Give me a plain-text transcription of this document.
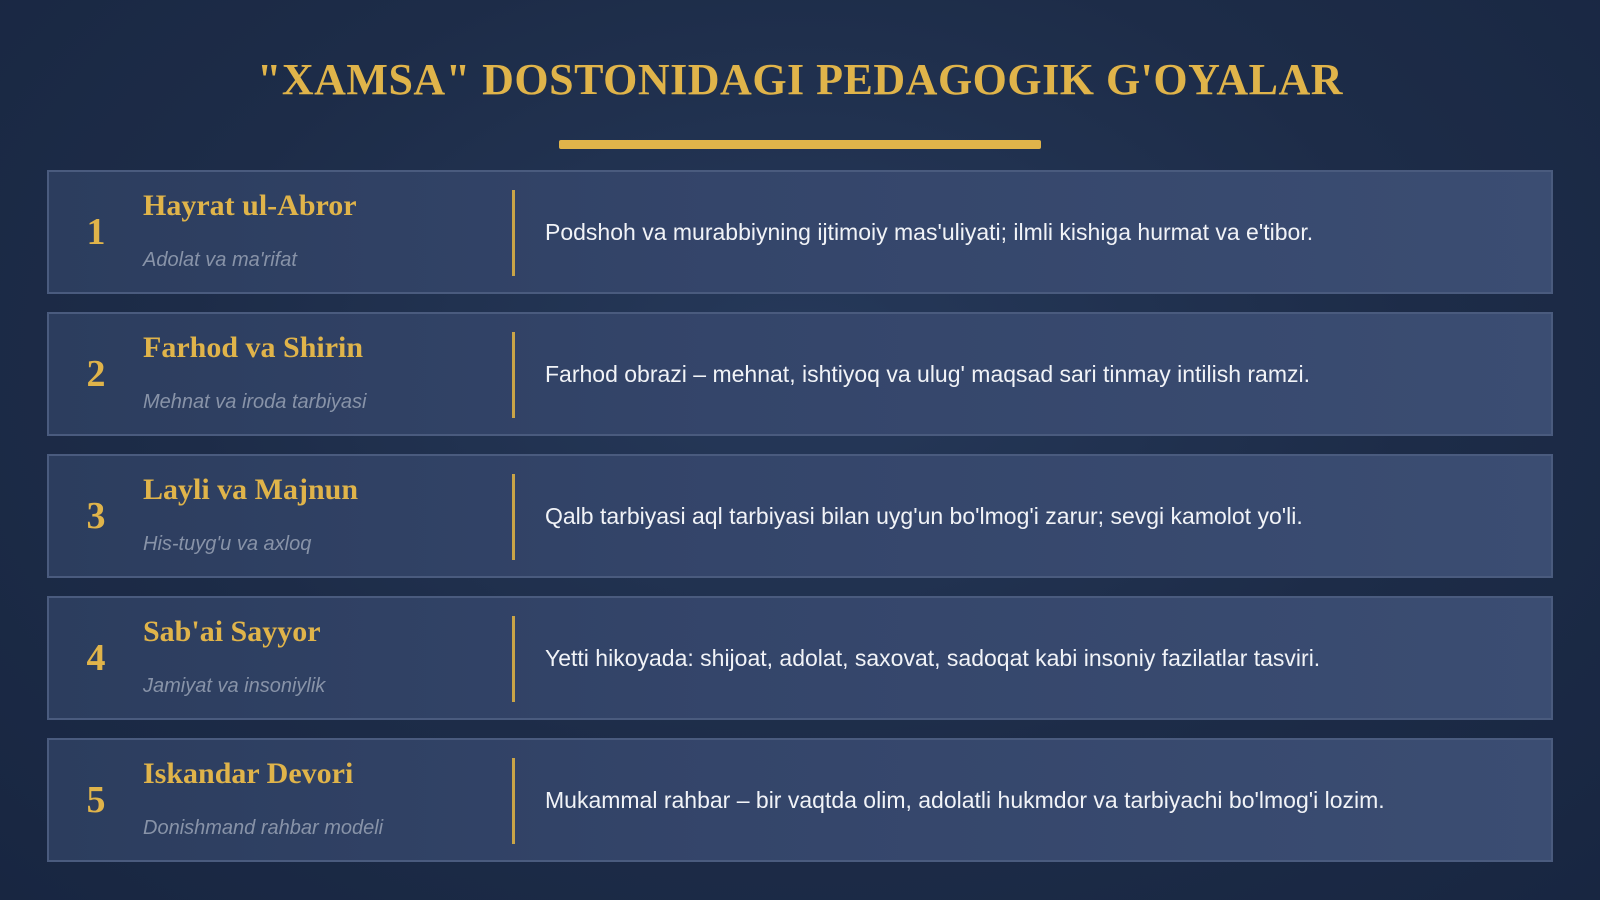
"XAMSA" DOSTONIDAGI PEDAGOGIK G'OYALAR
1
Hayrat ul-Abror
Adolat va ma'rifat
Podshoh va murabbiyning ijtimoiy mas'uliyati; ilmli kishiga hurmat va e'tibor.
2
Farhod va Shirin
Mehnat va iroda tarbiyasi
Farhod obrazi – mehnat, ishtiyoq va ulug' maqsad sari tinmay intilish ramzi.
3
Layli va Majnun
His-tuyg'u va axloq
Qalb tarbiyasi aql tarbiyasi bilan uyg'un bo'lmog'i zarur; sevgi kamolot yo'li.
4
Sab'ai Sayyor
Jamiyat va insoniylik
Yetti hikoyada: shijoat, adolat, saxovat, sadoqat kabi insoniy fazilatlar tasviri.
5
Iskandar Devori
Donishmand rahbar modeli
Mukammal rahbar – bir vaqtda olim, adolatli hukmdor va tarbiyachi bo'lmog'i lozim.
